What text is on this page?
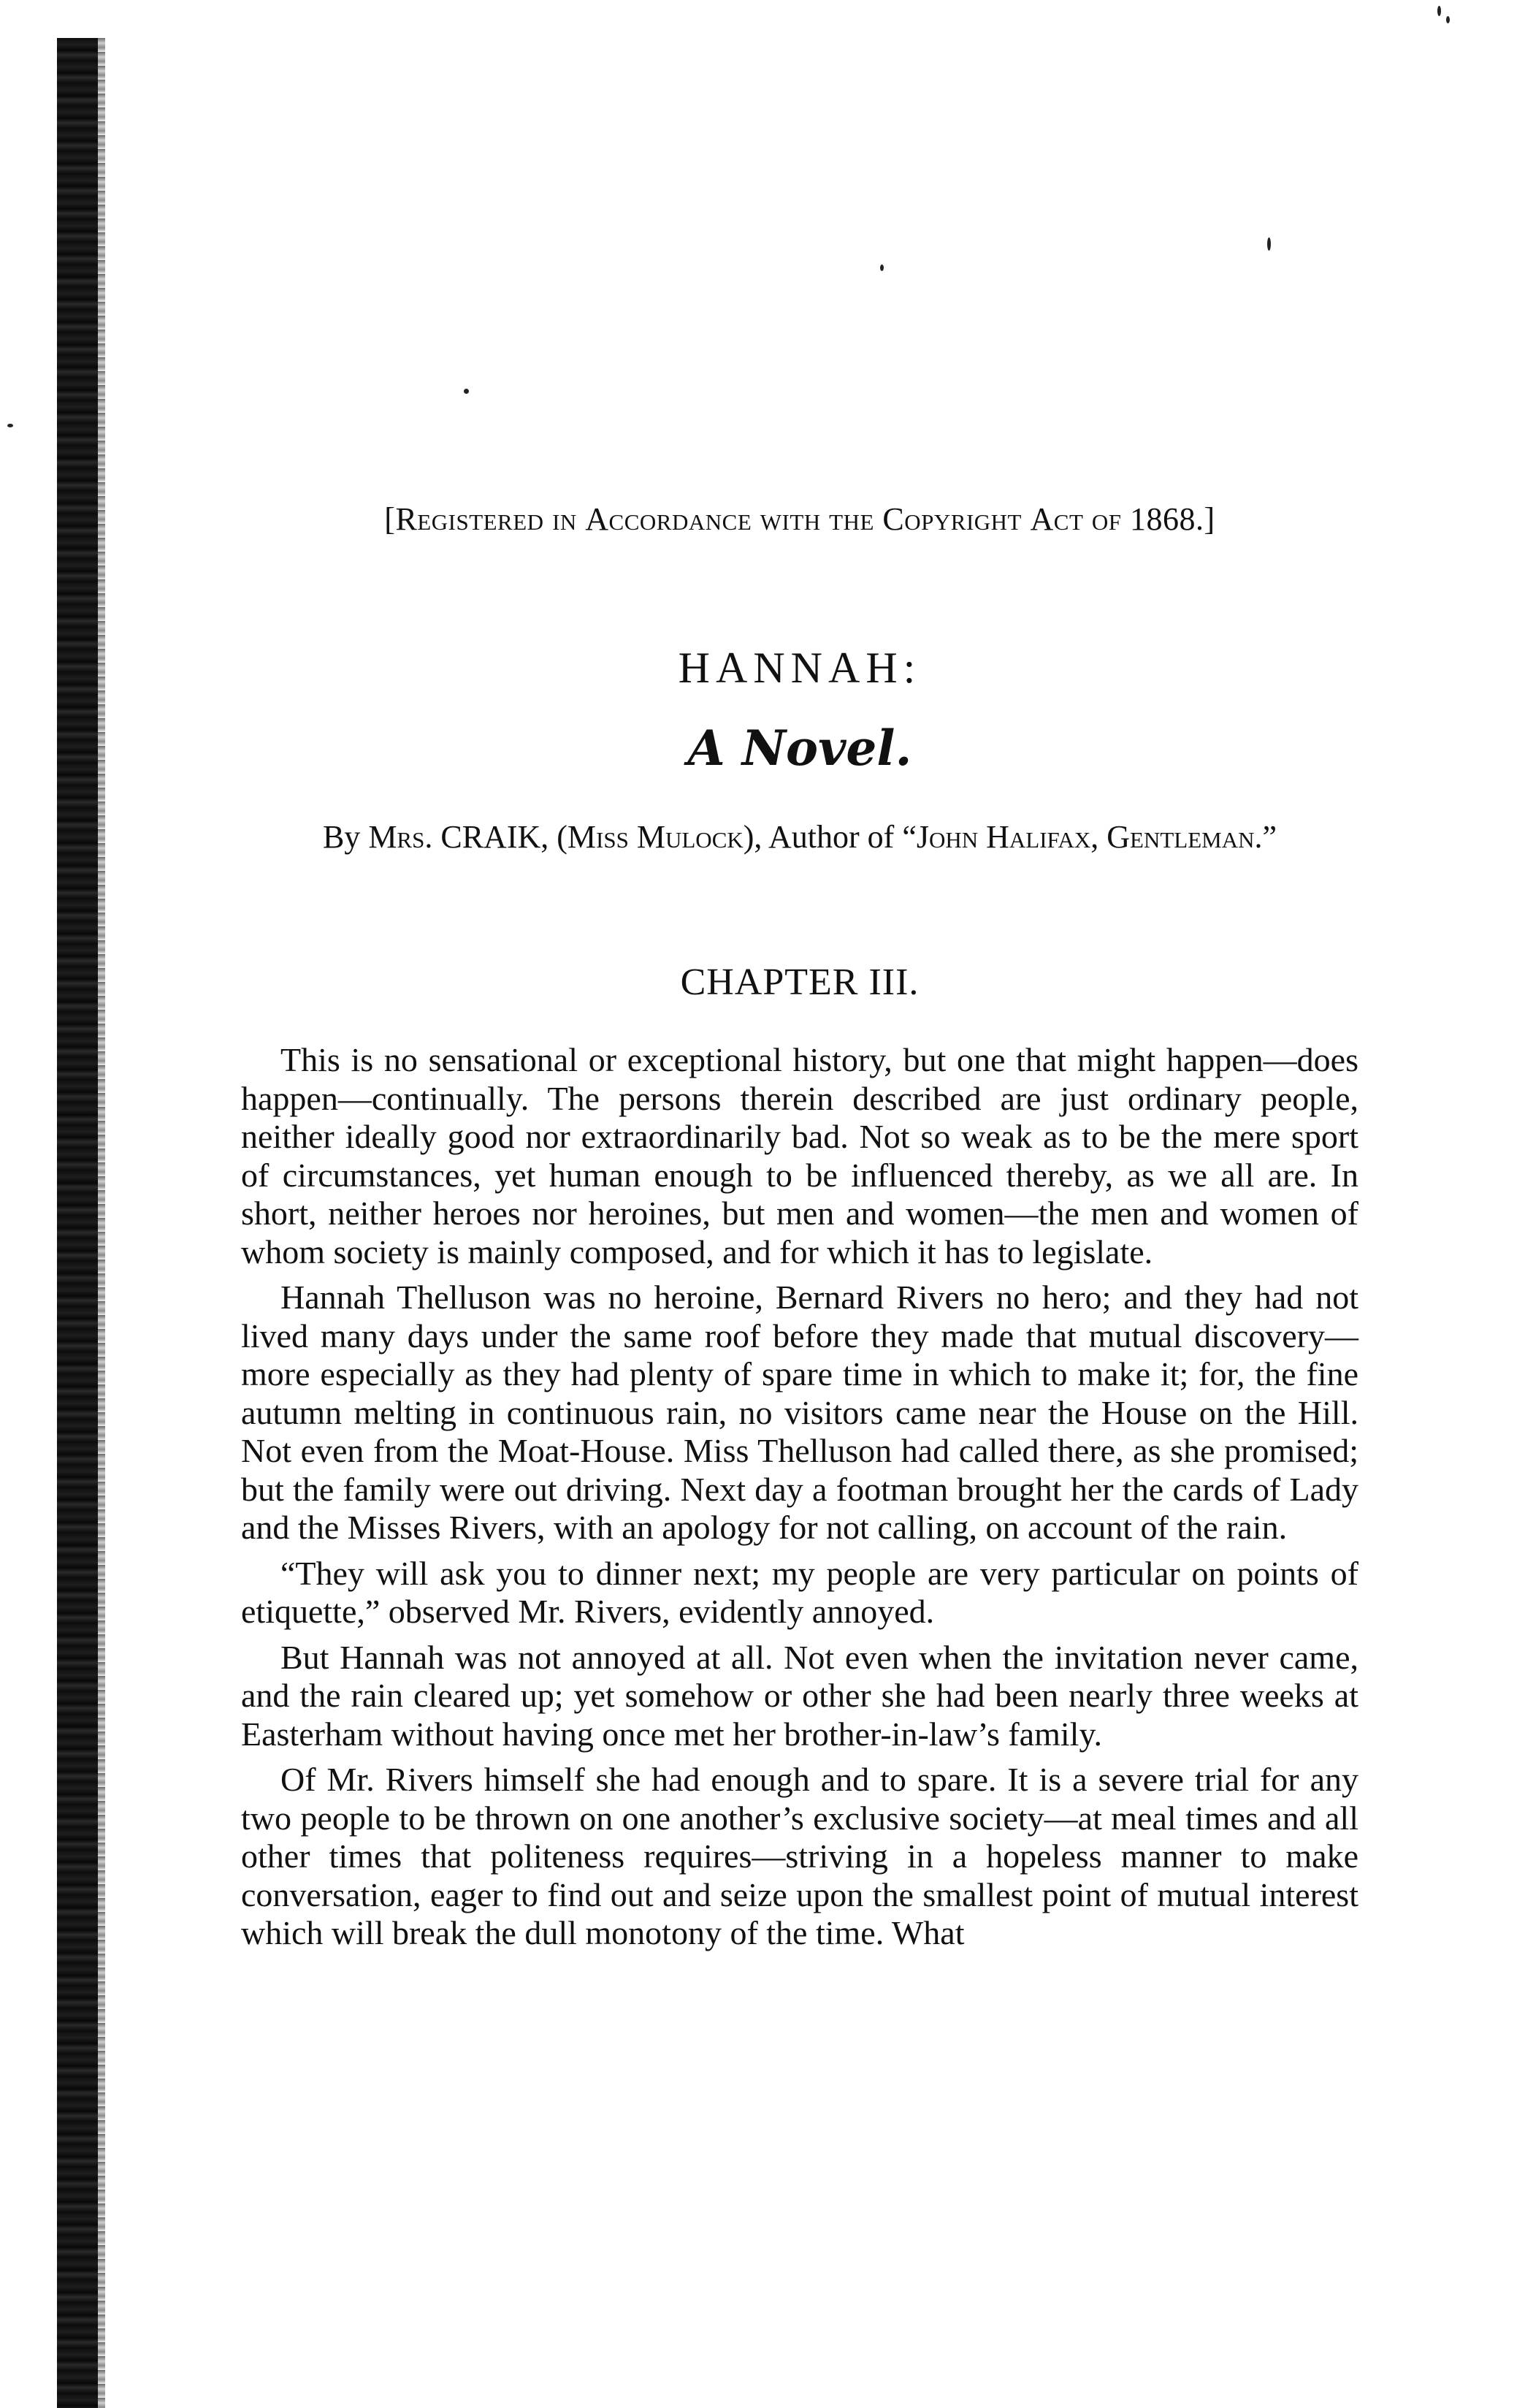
[Registered in Accordance with the Copyright Act of 1868.]
HANNAH:
A Novel.
By Mrs. CRAIK, (Miss Mulock), Author of “John Halifax, Gentleman.”
CHAPTER III.

This is no sensational or exceptional history, but one that might happen—does happen—continually. The persons therein described are just ordinary people, neither ideally good nor extraordinarily bad. Not so weak as to be the mere sport of circumstances, yet human enough to be influenced thereby, as we all are. In short, neither heroes nor heroines, but men and women—the men and women of whom society is mainly composed, and for which it has to legislate.

Hannah Thelluson was no heroine, Bernard Rivers no hero; and they had not lived many days under the same roof before they made that mutual discovery—more especially as they had plenty of spare time in which to make it; for, the fine autumn melting in continuous rain, no visitors came near the House on the Hill. Not even from the Moat-House. Miss Thelluson had called there, as she promised; but the family were out driving. Next day a footman brought her the cards of Lady and the Misses Rivers, with an apology for not calling, on account of the rain.

“They will ask you to dinner next; my people are very particular on points of etiquette,” observed Mr. Rivers, evidently annoyed.

But Hannah was not annoyed at all. Not even when the invitation never came, and the rain cleared up; yet somehow or other she had been nearly three weeks at Easterham without having once met her brother-in-law’s family.

Of Mr. Rivers himself she had enough and to spare. It is a severe trial for any two people to be thrown on one another’s exclusive society—at meal times and all other times that politeness requires—striving in a hopeless manner to make conversation, eager to find out and seize upon the smallest point of mutual interest which will break the dull monotony of the time. What
